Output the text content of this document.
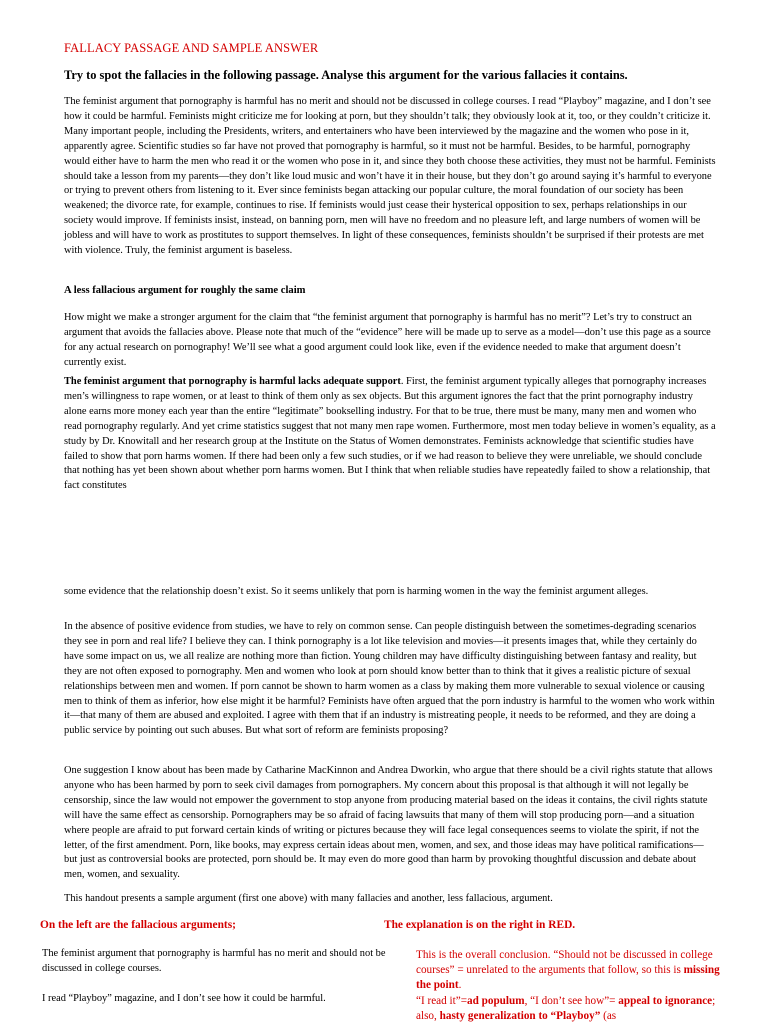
FALLACY PASSAGE AND SAMPLE ANSWER
Try to spot the fallacies in the following passage. Analyse this argument for the various fallacies it contains.

The feminist argument that pornography is harmful has no merit and should not be discussed in college courses. I read “Playboy” magazine, and I don’t see how it could be harmful. Feminists might criticize me for looking at porn, but they shouldn’t talk; they obviously look at it, too, or they couldn’t criticize it. Many important people, including the Presidents, writers, and entertainers who have been interviewed by the magazine and the women who pose in it, apparently agree. Scientific studies so far have not proved that pornography is harmful, so it must not be harmful. Besides, to be harmful, pornography would either have to harm the men who read it or the women who pose in it, and since they both choose these activities, they must not be harmful. Feminists should take a lesson from my parents—they don’t like loud music and won’t have it in their house, but they don’t go around saying it’s harmful to everyone or trying to prevent others from listening to it. Ever since feminists began attacking our popular culture, the moral foundation of our society has been weakened; the divorce rate, for example, continues to rise. If feminists would just cease their hysterical opposition to sex, perhaps relationships in our society would improve. If feminists insist, instead, on banning porn, men will have no freedom and no pleasure left, and large numbers of women will be jobless and will have to work as prostitutes to support themselves. In light of these consequences, feminists shouldn’t be surprised if their protests are met with violence. Truly, the feminist argument is baseless.

A less fallacious argument for roughly the same claim

How might we make a stronger argument for the claim that “the feminist argument that pornography is harmful has no merit”? Let’s try to construct an argument that avoids the fallacies above. Please note that much of the “evidence” here will be made up to serve as a model—don’t use this page as a source for any actual research on pornography! We’ll see what a good argument could look like, even if the evidence needed to make that argument doesn’t currently exist.

The feminist argument that pornography is harmful lacks adequate support. First, the feminist argument typically alleges that pornography increases men’s willingness to rape women, or at least to think of them only as sex objects. But this argument ignores the fact that the print pornography industry alone earns more money each year than the entire “legitimate” bookselling industry. For that to be true, there must be many, many men and women who read pornography regularly. And yet crime statistics suggest that not many men rape women. Furthermore, most men today believe in women’s equality, as a study by Dr. Knowitall and her research group at the Institute on the Status of Women demonstrates. Feminists acknowledge that scientific studies have failed to show that porn harms women. If there had been only a few such studies, or if we had reason to believe they were unreliable, we should conclude that nothing has yet been shown about whether porn harms women. But I think that when reliable studies have repeatedly failed to show a relationship, that fact constitutes

some evidence that the relationship doesn’t exist. So it seems unlikely that porn is harming women in the way the feminist argument alleges.

In the absence of positive evidence from studies, we have to rely on common sense. Can people distinguish between the sometimes-degrading scenarios they see in porn and real life? I believe they can. I think pornography is a lot like television and movies—it presents images that, while they certainly do have some impact on us, we all realize are nothing more than fiction. Young children may have difficulty distinguishing between fantasy and reality, but they are not often exposed to pornography. Men and women who look at porn should know better than to think that it gives a realistic picture of sexual relationships between men and women. If porn cannot be shown to harm women as a class by making them more vulnerable to sexual violence or causing men to think of them as inferior, how else might it be harmful? Feminists have often argued that the porn industry is harmful to the women who work within it—that many of them are abused and exploited. I agree with them that if an industry is mistreating people, it needs to be reformed, and they are doing a public service by pointing out such abuses. But what sort of reform are feminists proposing?

One suggestion I know about has been made by Catharine MacKinnon and Andrea Dworkin, who argue that there should be a civil rights statute that allows anyone who has been harmed by porn to seek civil damages from pornographers. My concern about this proposal is that although it will not legally be censorship, since the law would not empower the government to stop anyone from producing material based on the ideas it contains, the civil rights statute will have the same effect as censorship. Pornographers may be so afraid of facing lawsuits that many of them will stop producing porn—and a situation where people are afraid to put forward certain kinds of writing or pictures because they will face legal consequences seems to violate the spirit, if not the letter, of the first amendment. Porn, like books, may express certain ideas about men, women, and sex, and those ideas may have political ramifications—but just as controversial books are protected, porn should be. It may even do more good than harm by provoking thoughtful discussion and debate about men, women, and sexuality.

This handout presents a sample argument (first one above) with many fallacies and another, less fallacious, argument.

On the left are the fallacious arguments;	The explanation is on the right in RED.

The feminist argument that pornography is harmful has no merit and should not be discussed in college courses.

I read “Playboy” magazine, and I don’t see how it could be harmful.

This is the overall conclusion. “Should not be discussed in college courses” = unrelated to the arguments that follow, so this is missing the point.

“I read it”=ad populum, “I don’t see how”= appeal to ignorance; also, hasty generalization to “Playboy” (as
